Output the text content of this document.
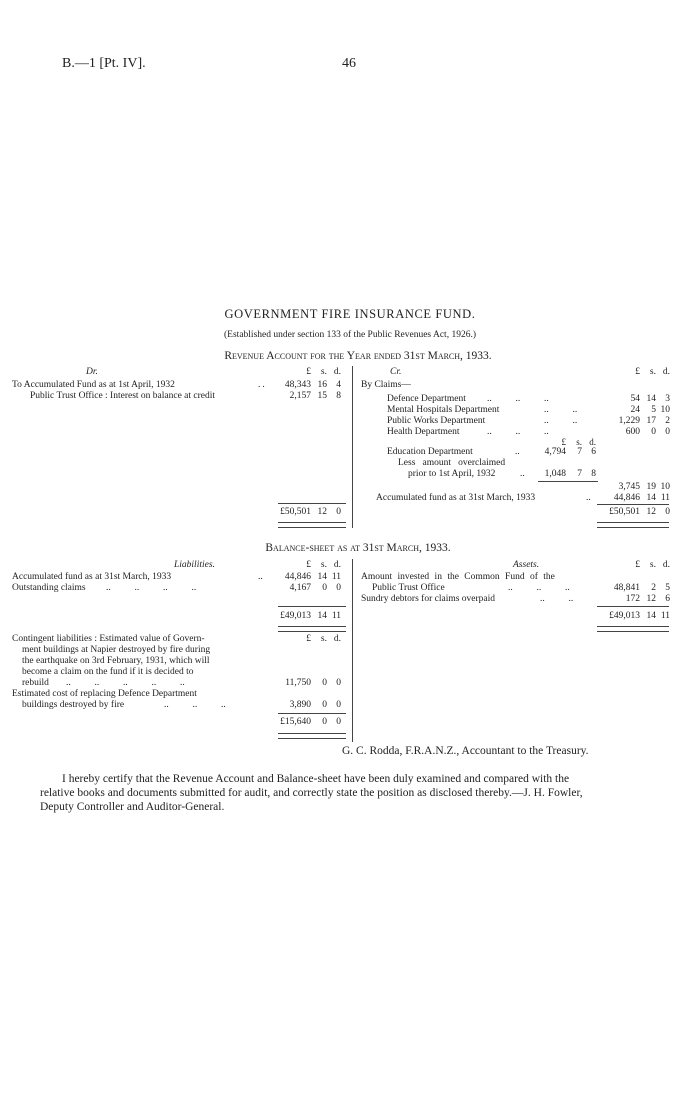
B.—1 [Pt. IV].	46
GOVERNMENT FIRE INSURANCE FUND.
(Established under section 133 of the Public Revenues Act, 1926.)
Revenue Account for the Year ended 31st March, 1933.
Dr.	£ s. d.	Cr.	£ s. d.
To Accumulated Fund as at 1st April, 1932	..	48,343 16 4
Public Trust Office : Interest on balance at credit	2,157 15 8
£50,501 12 0
By Claims—
Defence Department ..          ..          ..	54 14 3
Mental Hospitals Department	..          ..	24 5 10
Public Works Department	..          ..	1,229 17 2
Health Department	..          ..          ..	600 0 0
£ s. d.
Education Department	..	4,794 7 6
Less   amount   overclaimed
prior to 1st April, 1932	..	1,048 7 8
3,745 19 10
Accumulated fund as at 31st March, 1933	..	44,846 14 11
£50,501 12 0
Balance-sheet as at 31st March, 1933.
Liabilities.	£ s. d.	Assets.	£ s. d.
Accumulated fund as at 31st March, 1933	..	44,846 14 11
Outstanding claims ..          ..          ..          ..	4,167 0 0
£49,013 14 11
Amount invested in the Common Fund of the
Public Trust Office	..          ..          ..	48,841 2 5
Sundry debtors for claims overpaid	..          ..	172 12 6
£49,013 14 11
£ s. d.
Contingent liabilities : Estimated value of Govern-
ment buildings at Napier destroyed by fire during
the earthquake on 3rd February, 1931, which will
become a claim on the fund if it is decided to
rebuild ..          ..          ..          ..          ..	11,750 0 0
Estimated cost of replacing Defence Department
buildings destroyed by fire	..          ..          ..	3,890 0 0
£15,640 0 0
G. C. Rodda, F.R.A.N.Z., Accountant to the Treasury.
I hereby certify that the Revenue Account and Balance-sheet have been duly examined and compared with the
relative books and documents submitted for audit, and correctly state the position as disclosed thereby.—J. H. Fowler,
Deputy Controller and Auditor-General.
